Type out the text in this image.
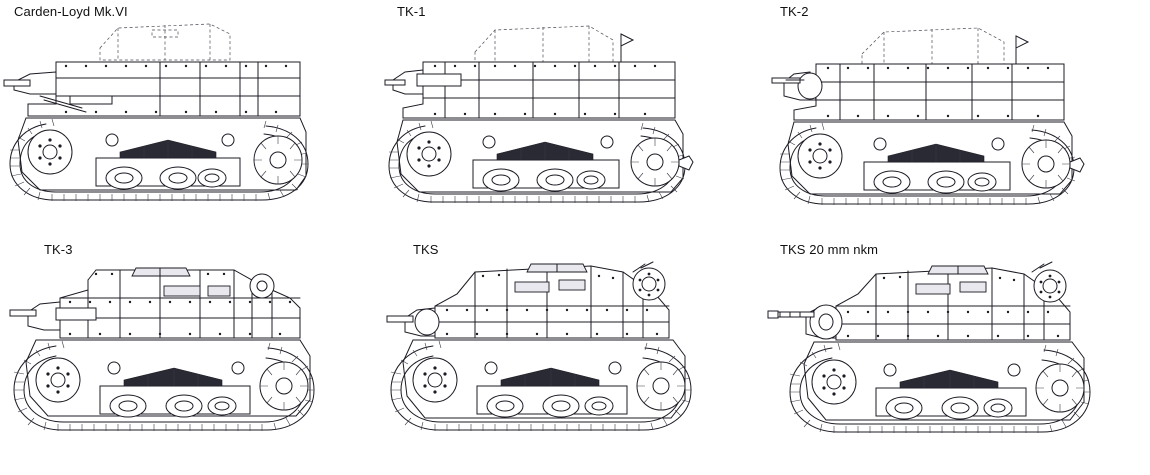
Carden-Loyd Mk.VI	TK-1	TK-2
TK-3	TKS	TKS 20 mm nkm
